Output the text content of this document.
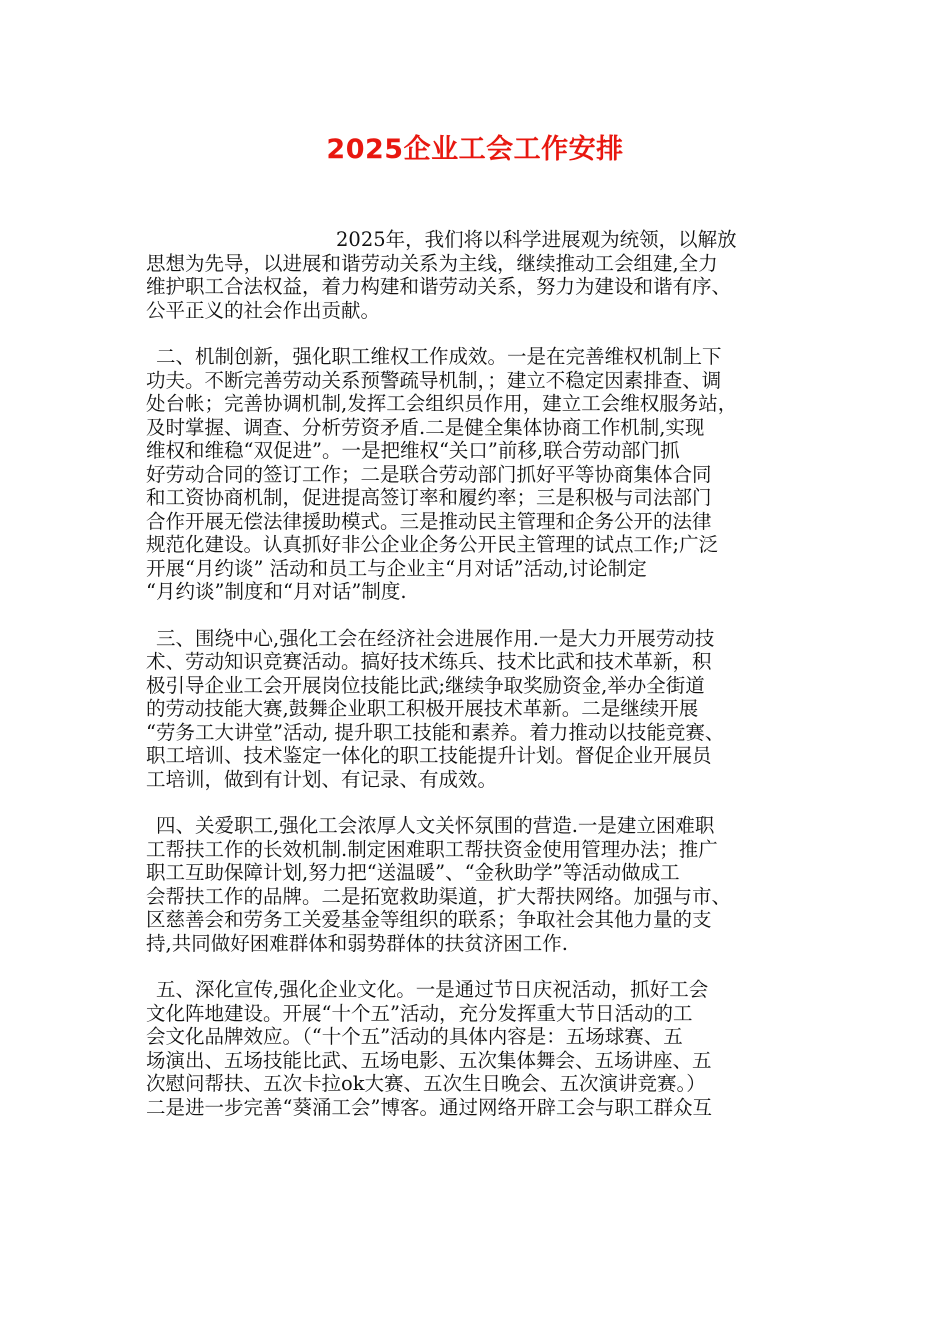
2025企业工会工作安排
2025年，我们将以科学进展观为统领，以解放
思想为先导，以进展和谐劳动关系为主线，继续推动工会组建,全力
维护职工合法权益，着力构建和谐劳动关系，努力为建设和谐有序、
公平正义的社会作出贡献。
二、机制创新，强化职工维权工作成效。一是在完善维权机制上下
功夫。不断完善劳动关系预警疏导机制，；建立不稳定因素排查、调
处台帐；完善协调机制,发挥工会组织员作用，建立工会维权服务站，
及时掌握、调查、分析劳资矛盾.二是健全集体协商工作机制,实现
维权和维稳“双促进”。一是把维权“关口”前移,联合劳动部门抓
好劳动合同的签订工作；二是联合劳动部门抓好平等协商集体合同
和工资协商机制，促进提高签订率和履约率；三是积极与司法部门
合作开展无偿法律援助模式。三是推动民主管理和企务公开的法律
规范化建设。认真抓好非公企业企务公开民主管理的试点工作;广泛
开展“月约谈” 活动和员工与企业主“月对话”活动,讨论制定
“月约谈”制度和“月对话”制度.
三、围绕中心,强化工会在经济社会进展作用.一是大力开展劳动技
术、劳动知识竞赛活动。搞好技术练兵、技术比武和技术革新，积
极引导企业工会开展岗位技能比武;继续争取奖励资金,举办全街道
的劳动技能大赛,鼓舞企业职工积极开展技术革新。二是继续开展
“劳务工大讲堂”活动, 提升职工技能和素养。着力推动以技能竞赛、
职工培训、技术鉴定一体化的职工技能提升计划。督促企业开展员
工培训，做到有计划、有记录、有成效。
四、关爱职工,强化工会浓厚人文关怀氛围的营造.一是建立困难职
工帮扶工作的长效机制.制定困难职工帮扶资金使用管理办法；推广
职工互助保障计划,努力把“送温暖”、“金秋助学”等活动做成工
会帮扶工作的品牌。二是拓宽救助渠道，扩大帮扶网络。加强与市、
区慈善会和劳务工关爱基金等组织的联系；争取社会其他力量的支
持,共同做好困难群体和弱势群体的扶贫济困工作.
五、深化宣传,强化企业文化。一是通过节日庆祝活动，抓好工会
文化阵地建设。开展“十个五”活动，充分发挥重大节日活动的工
会文化品牌效应。（“十个五”活动的具体内容是：五场球赛、五
场演出、五场技能比武、五场电影、五次集体舞会、五场讲座、五
次慰问帮扶、五次卡拉ok大赛、五次生日晚会、五次演讲竞赛。）
二是进一步完善“葵涌工会”博客。通过网络开辟工会与职工群众互
